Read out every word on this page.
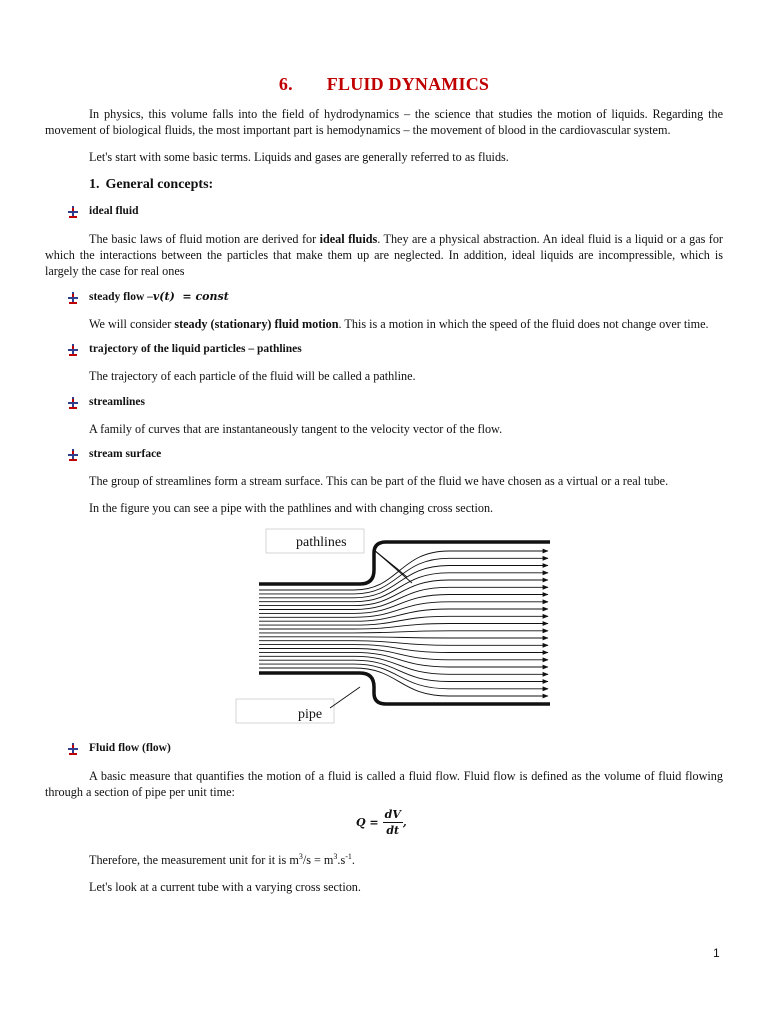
6. FLUID DYNAMICS
In physics, this volume falls into the field of hydrodynamics – the science that studies the motion of liquids. Regarding the movement of biological fluids, the most important part is hemodynamics – the movement of blood in the cardiovascular system.
Let's start with some basic terms. Liquids and gases are generally referred to as fluids.
1. General concepts:
ideal fluid
The basic laws of fluid motion are derived for ideal fluids. They are a physical abstraction. An ideal fluid is a liquid or a gas for which the interactions between the particles that make them up are neglected. In addition, ideal liquids are incompressible, which is largely the case for real ones
steady flow – v(t)  = const
We will consider steady (stationary) fluid motion. This is a motion in which the speed of the fluid does not change over time.
trajectory of the liquid particles – pathlines
The trajectory of each particle of the fluid will be called a pathline.
streamlines
A family of curves that are instantaneously tangent to the velocity vector of the flow.
stream surface
The group of streamlines form a stream surface. This can be part of the fluid we have chosen as a virtual or a real tube.
In the figure you can see a pipe with the pathlines and with changing cross section.
pathlines
pipe
Fluid flow (flow)
A basic measure that quantifies the motion of a fluid is called a fluid flow. Fluid flow is defined as the volume of fluid flowing through a section of pipe per unit time:
$Q = \frac{dV}{dt}$ ,
Therefore, the measurement unit for it is $m^3/s = m^3.s^{-1}$.
Let's look at a current tube with a varying cross section.
1
